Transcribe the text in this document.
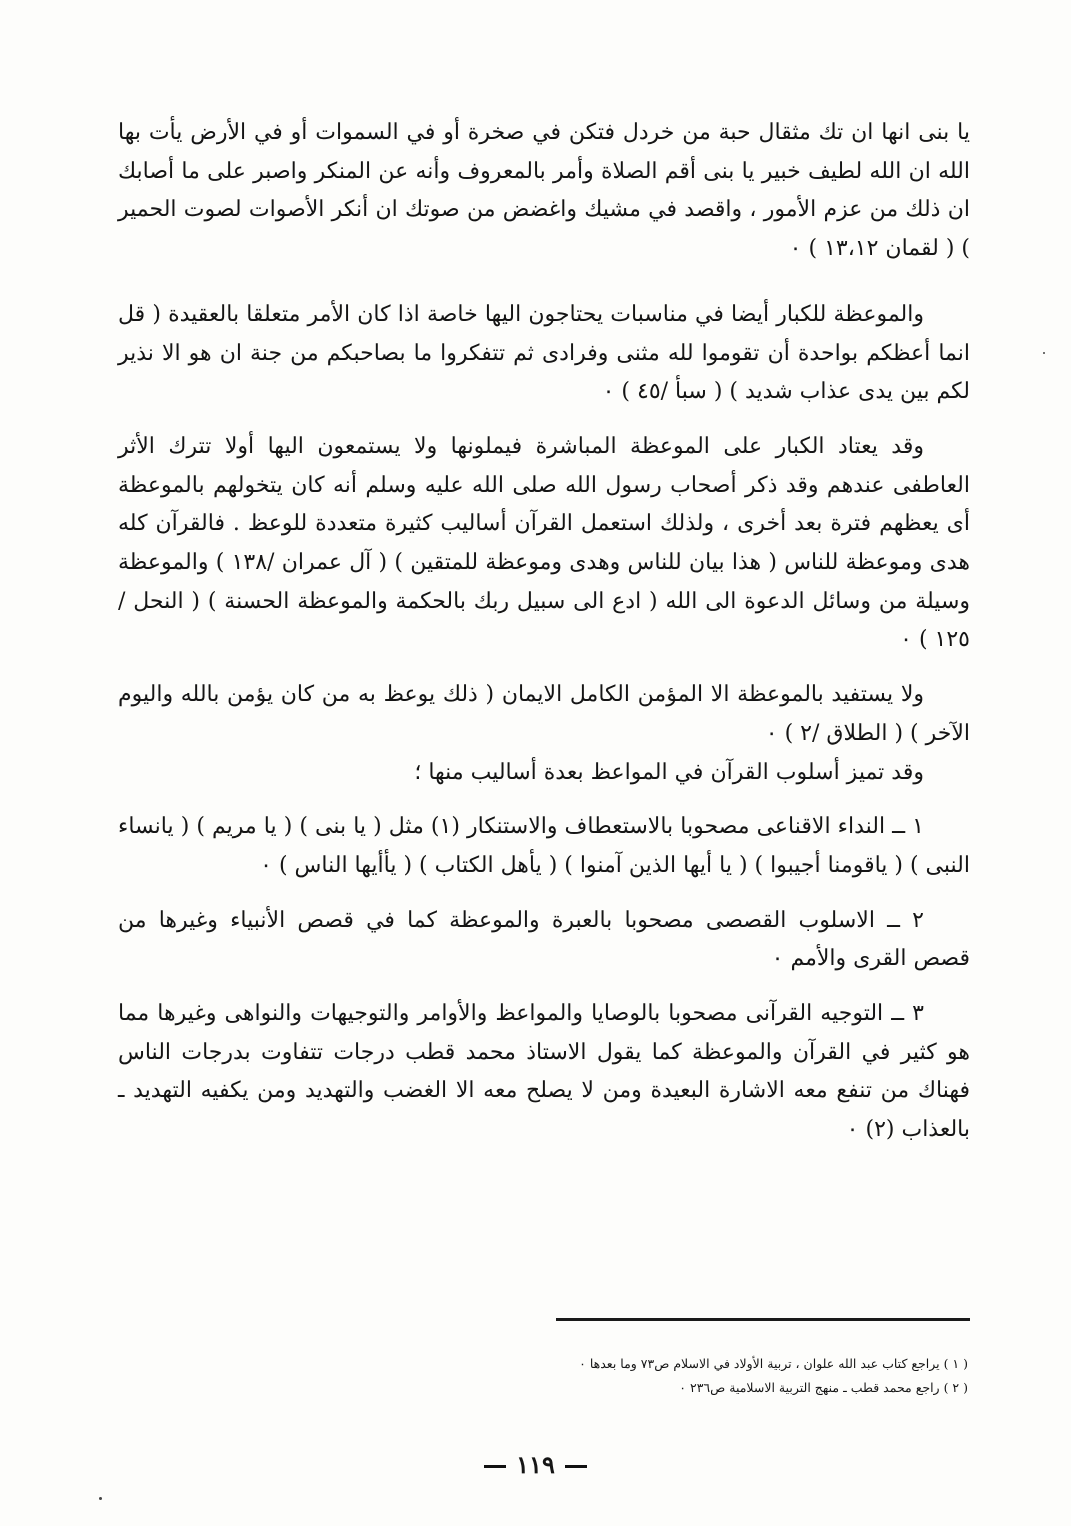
يا بنى انها ان تك مثقال حبة من خردل فتكن في صخرة أو في السموات أو في الأرض يأت بها الله ان الله لطيف خبير يا بنى أقم الصلاة وأمر بالمعروف وأنه عن المنكر واصبر على ما أصابك ان ذلك من عزم الأمور ، واقصد في مشيك واغضض من صوتك ان أنكر الأصوات لصوت الحمير ) ( لقمان ١٣،١٢ ) ٠

والموعظة للكبار أيضا في مناسبات يحتاجون اليها خاصة اذا كان الأمر متعلقا بالعقيدة ( قل انما أعظكم بواحدة أن تقوموا لله مثنى وفرادى ثم تتفكروا ما بصاحبكم من جنة ان هو الا نذير لكم بين يدى عذاب شديد ) ( سبأ /٤٥ ) ٠

وقد يعتاد الكبار على الموعظة المباشرة فيملونها ولا يستمعون اليها أولا تترك الأثر العاطفى عندهم وقد ذكر أصحاب رسول الله صلى الله عليه وسلم أنه كان يتخولهم بالموعظة أى يعظهم فترة بعد أخرى ، ولذلك استعمل القرآن أساليب كثيرة متعددة للوعظ . فالقرآن كله هدى وموعظة للناس ( هذا بيان للناس وهدى وموعظة للمتقين ) ( آل عمران /١٣٨ ) والموعظة وسيلة من وسائل الدعوة الى الله ( ادع الى سبيل ربك بالحكمة والموعظة الحسنة ) ( النحل /١٢٥ ) ٠

ولا يستفيد بالموعظة الا المؤمن الكامل الايمان ( ذلك يوعظ به من كان يؤمن بالله واليوم الآخر ) ( الطلاق /٢ ) ٠

وقد تميز أسلوب القرآن في المواعظ بعدة أساليب منها ؛

١ ــ النداء الاقناعى مصحوبا بالاستعطاف والاستنكار (١) مثل ( يا بنى ) ( يا مريم ) ( يانساء النبى ) ( ياقومنا أجيبوا ) ( يا أيها الذين آمنوا ) ( يأهل الكتاب ) ( يأأيها الناس ) ٠

٢ ــ الاسلوب القصصى مصحوبا بالعبرة والموعظة كما في قصص الأنبياء وغيرها من قصص القرى والأمم ٠

٣ ــ التوجيه القرآنى مصحوبا بالوصايا والمواعظ والأوامر والتوجيهات والنواهى وغيرها مما هو كثير في القرآن والموعظة كما يقول الاستاذ محمد قطب درجات تتفاوت بدرجات الناس فهناك من تنفع معه الاشارة البعيدة ومن لا يصلح معه الا الغضب والتهديد ومن يكفيه التهديد ـ بالعذاب (٢) ٠

( ١ ) يراجع كتاب عبد الله علوان ، تربية الأولاد في الاسلام ص٧٣ وما بعدها ٠

( ٢ ) راجع محمد قطب ـ منهج التربية الاسلامية ص٢٣٦ ٠

١١٩
